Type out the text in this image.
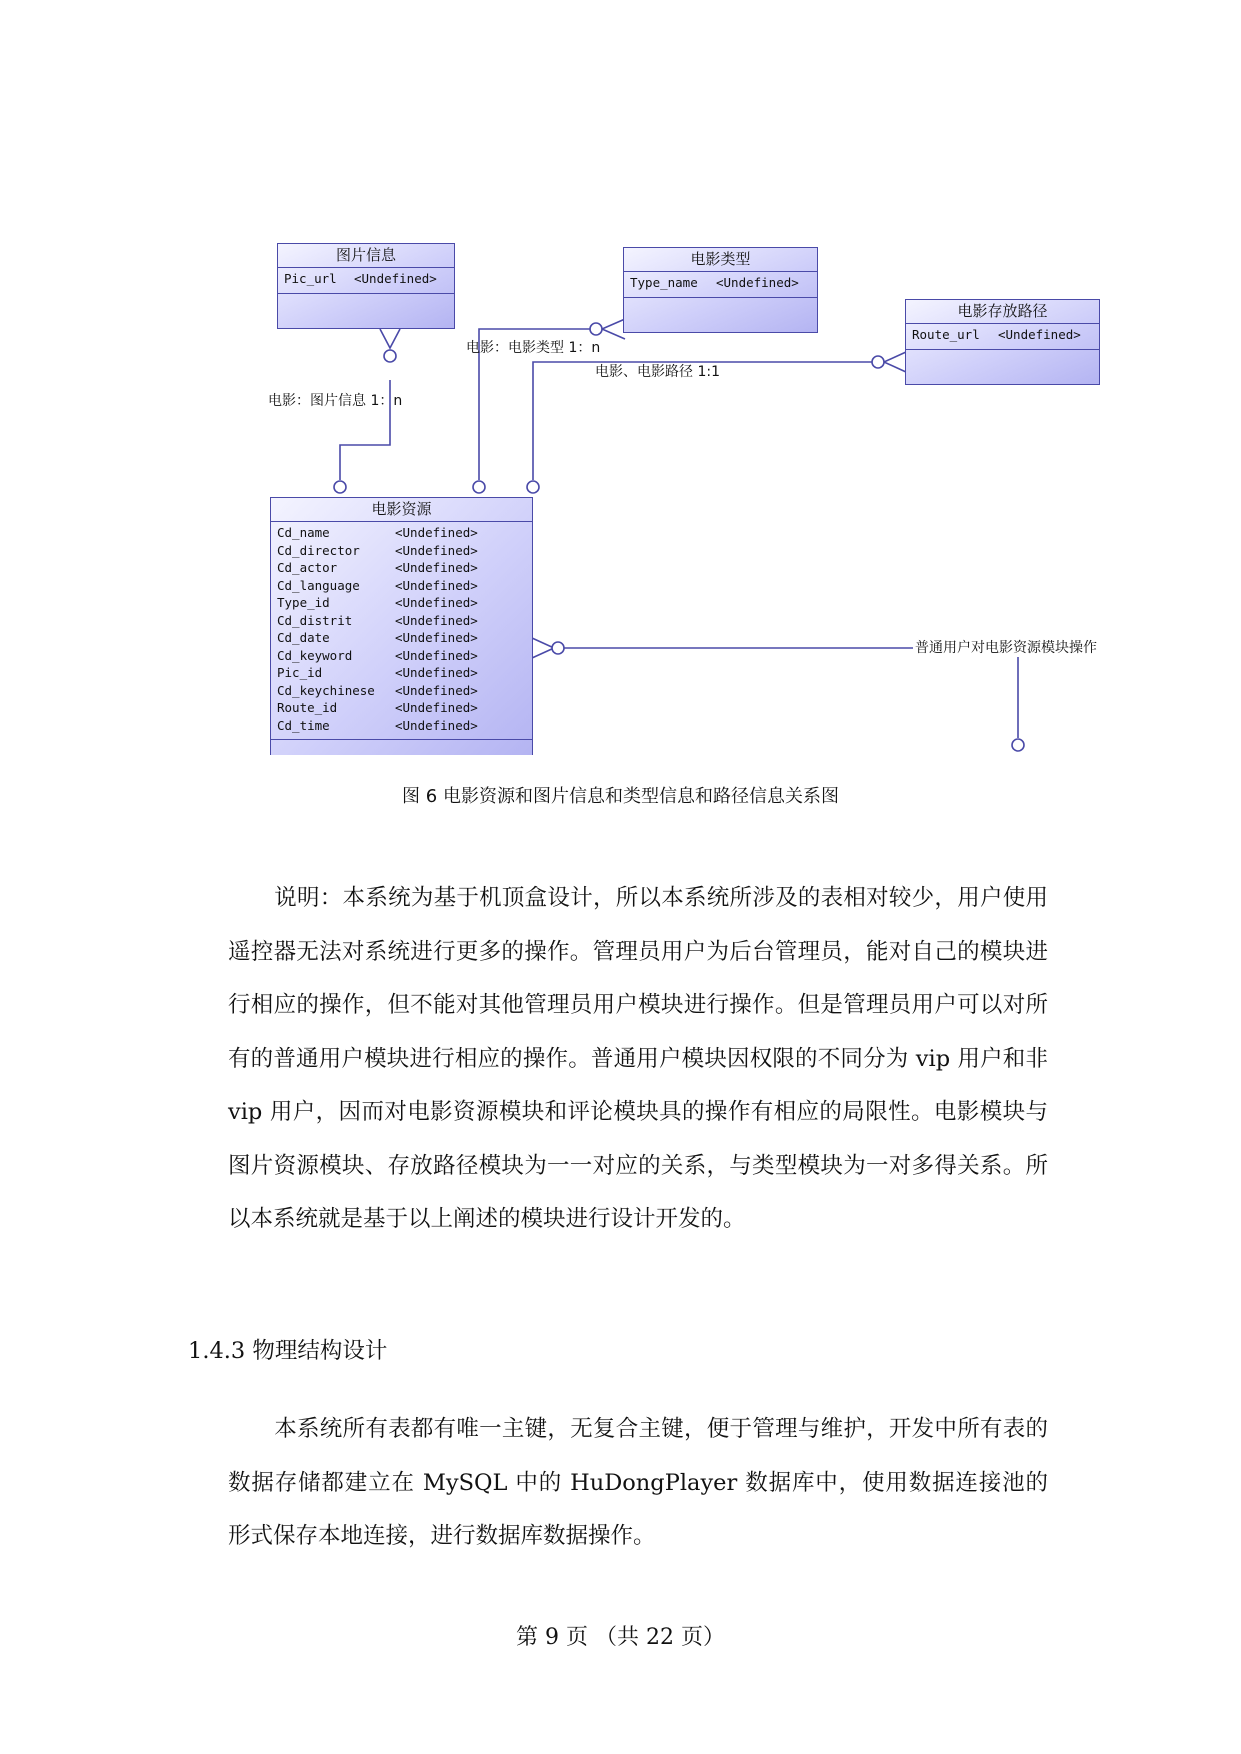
图片信息
Pic_url	<Undefined>
电影类型
Type_name	<Undefined>
电影存放路径
Route_url	<Undefined>
电影资源
Cd_name	<Undefined>
Cd_director	<Undefined>
Cd_actor	<Undefined>
Cd_language	<Undefined>
Type_id	<Undefined>
Cd_distrit	<Undefined>
Cd_date	<Undefined>
Cd_keyword	<Undefined>
Pic_id	<Undefined>
Cd_keychinese	<Undefined>
Route_id	<Undefined>
Cd_time	<Undefined>
电影：图片信息 1：n
电影：电影类型 1：n
电影、电影路径 1:1
普通用户对电影资源模块操作
图 6 电影资源和图片信息和类型信息和路径信息关系图
说明：本系统为基于机顶盒设计，所以本系统所涉及的表相对较少，用户使用遥控器无法对系统进行更多的操作。管理员用户为后台管理员，能对自己的模块进行相应的操作，但不能对其他管理员用户模块进行操作。但是管理员用户可以对所有的普通用户模块进行相应的操作。普通用户模块因权限的不同分为 vip 用户和非 vip 用户，因而对电影资源模块和评论模块具的操作有相应的局限性。电影模块与图片资源模块、存放路径模块为一一对应的关系，与类型模块为一对多得关系。所以本系统就是基于以上阐述的模块进行设计开发的。
1.4.3 物理结构设计
本系统所有表都有唯一主键，无复合主键，便于管理与维护，开发中所有表的数据存储都建立在 MySQL 中的 HuDongPlayer 数据库中，使用数据连接池的形式保存本地连接，进行数据库数据操作。
第 9 页 （共 22 页）
